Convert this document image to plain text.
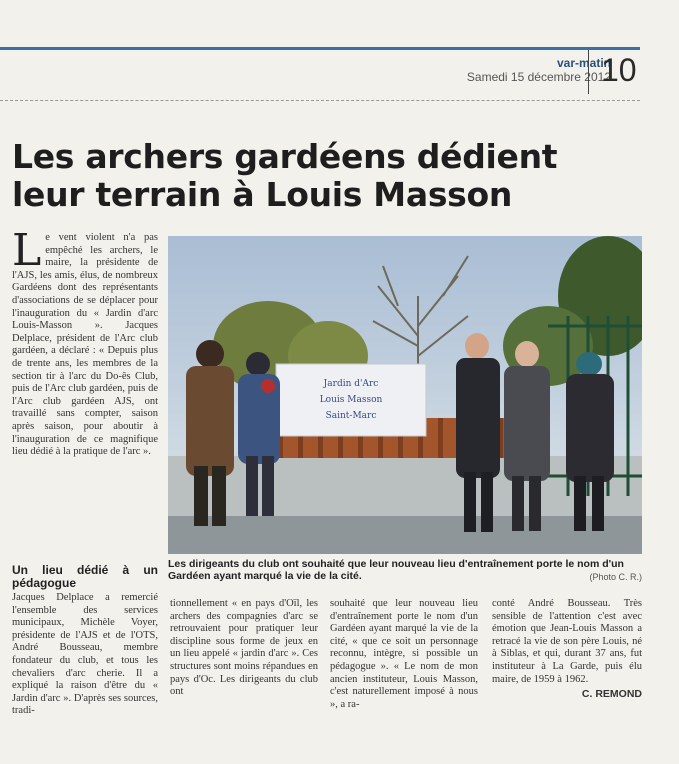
var-matin
Samedi 15 décembre 2012
10
Les archers gardéens dédient leur terrain à Louis Masson
Le vent violent n'a pas empêché les archers, le maire, la présidente de l'AJS, les amis, élus, de nombreux Gardéens dont des représentants d'associations de se déplacer pour l'inauguration du « Jardin d'arc Louis-Masson ». Jacques Delplace, président de l'Arc club gardéen, a déclaré : « Depuis plus de trente ans, les membres de la section tir à l'arc du Do-ês Club, puis de l'Arc club gardéen, puis de l'Arc club gardéen AJS, ont travaillé sans compter, saison après saison, pour aboutir à l'inauguration de ce magnifique lieu dédié à la pratique de l'arc ».
Un lieu dédié à un pédagogue
Jacques Delplace a remercié l'ensemble des services municipaux, Michèle Voyer, présidente de l'AJS et de l'OTS, André Bousseau, membre fondateur du club, et tous les chevaliers d'arc cherie. Il a expliqué la raison d'être du « Jardin d'arc ». D'après ses sources, tradi-
Jardin d'Arc
Louis Masson
Saint-Marc
Les dirigeants du club ont souhaité que leur nouveau lieu d'entraînement porte le nom d'un Gardéen ayant marqué la vie de la cité.	(Photo C. R.)
tionnellement « en pays d'Oïl, les archers des compagnies d'arc se retrouvaient pour pratiquer leur discipline sous forme de jeux en un lieu appelé « jardin d'arc ». Ces structures sont moins répandues en pays d'Oc. Les dirigeants du club ont
souhaité que leur nouveau lieu d'entraînement porte le nom d'un Gardéen ayant marqué la vie de la cité, « que ce soit un personnage reconnu, intègre, si possible un pédagogue ». « Le nom de mon ancien instituteur, Louis Masson, c'est naturellement imposé à nous », a ra-
conté André Bousseau. Très sensible de l'attention c'est avec émotion que Jean-Louis Masson a retracé la vie de son père Louis, né à Siblas, et qui, durant 37 ans, fut instituteur à La Garde, puis élu maire, de 1959 à 1962.
C. REMOND
